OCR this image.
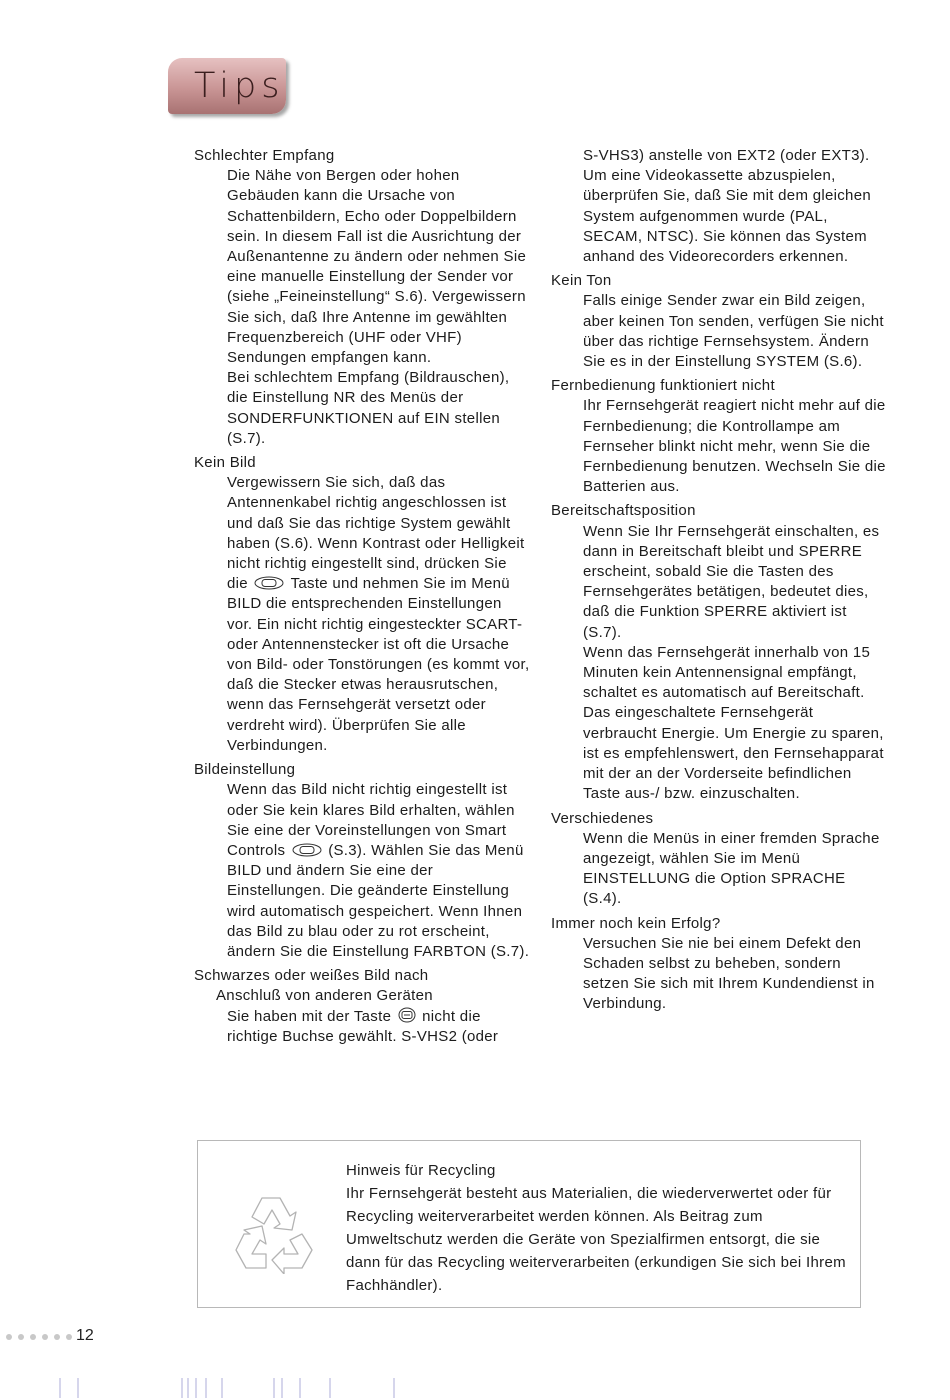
Tips
Schlechter Empfang

Die Nähe von Bergen oder hohen Gebäuden kann die Ursache von Schattenbildern, Echo oder Doppelbildern sein. In diesem Fall ist die Ausrichtung der Außenantenne zu ändern oder nehmen Sie eine manuelle Einstellung der Sender vor (siehe „Feineinstellung“ S.6). Vergewissern Sie sich, daß Ihre Antenne im gewählten Frequenzbereich (UHF oder VHF) Sendungen empfangen kann.

Bei schlechtem Empfang (Bildrauschen), die Einstellung NR des Menüs der SONDERFUNKTIONEN auf EIN stellen (S.7).

Kein Bild

Vergewissern Sie sich, daß das Antennenkabel richtig angeschlossen ist und daß Sie das richtige System gewählt haben (S.6). Wenn Kontrast oder Helligkeit nicht richtig eingestellt sind, drücken Sie die	Taste und nehmen Sie im Menü BILD die entsprechenden Einstellungen vor. Ein nicht richtig eingesteckter SCART- oder Antennenstecker ist oft die Ursache von Bild- oder Tonstörungen (es kommt vor, daß die Stecker etwas herausrutschen, wenn das Fernsehgerät versetzt oder verdreht wird). Überprüfen Sie alle Verbindungen.

Bildeinstellung

Wenn das Bild nicht richtig eingestellt ist oder Sie kein klares Bild erhalten, wählen Sie eine der Voreinstellungen von Smart Controls	(S.3). Wählen Sie das Menü BILD und ändern Sie eine der Einstellungen. Die geänderte Einstellung wird automatisch gespeichert. Wenn Ihnen das Bild zu blau oder zu rot erscheint, ändern Sie die Einstellung FARBTON (S.7).

Schwarzes oder weißes Bild nach
Anschluß von anderen Geräten

Sie haben mit der Taste nicht die richtige Buchse gewählt. S-VHS2 (oder

S-VHS3) anstelle von EXT2 (oder EXT3). Um eine Videokassette abzuspielen, überprüfen Sie, daß Sie mit dem gleichen System aufgenommen wurde (PAL, SECAM, NTSC). Sie können das System anhand des Videorecorders erkennen.

Kein Ton

Falls einige Sender zwar ein Bild zeigen, aber keinen Ton senden, verfügen Sie nicht über das richtige Fernsehsystem. Ändern Sie es in der Einstellung SYSTEM (S.6).

Fernbedienung funktioniert nicht

Ihr Fernsehgerät reagiert nicht mehr auf die Fernbedienung; die Kontrollampe am Fernseher blinkt nicht mehr, wenn Sie die Fernbedienung benutzen. Wechseln Sie die Batterien aus.

Bereitschaftsposition

Wenn Sie Ihr Fernsehgerät einschalten, es dann in Bereitschaft bleibt und SPERRE erscheint, sobald Sie die Tasten des Fernsehgerätes betätigen, bedeutet dies, daß die Funktion SPERRE aktiviert ist (S.7).

Wenn das Fernsehgerät innerhalb von 15 Minuten kein Antennensignal empfängt, schaltet es automatisch auf Bereitschaft.

Das eingeschaltete Fernsehgerät verbraucht Energie. Um Energie zu sparen, ist es empfehlenswert, den Fernsehapparat mit der an der Vorderseite befindlichen Taste aus-/ bzw. einzuschalten.

Verschiedenes

Wenn die Menüs in einer fremden Sprache angezeigt, wählen Sie im Menü EINSTELLUNG die Option SPRACHE (S.4).

Immer noch kein Erfolg?

Versuchen Sie nie bei einem Defekt den Schaden selbst zu beheben, sondern setzen Sie sich mit Ihrem Kundendienst in Verbindung.

Hinweis für Recycling
Ihr Fernsehgerät besteht aus Materialien, die wiederverwertet oder für Recycling weiterverarbeitet werden können. Als Beitrag zum Umweltschutz werden die Geräte von Spezialfirmen entsorgt, die sie dann für das Recycling weiterverarbeiten (erkundigen Sie sich bei Ihrem Fachhändler).
12
